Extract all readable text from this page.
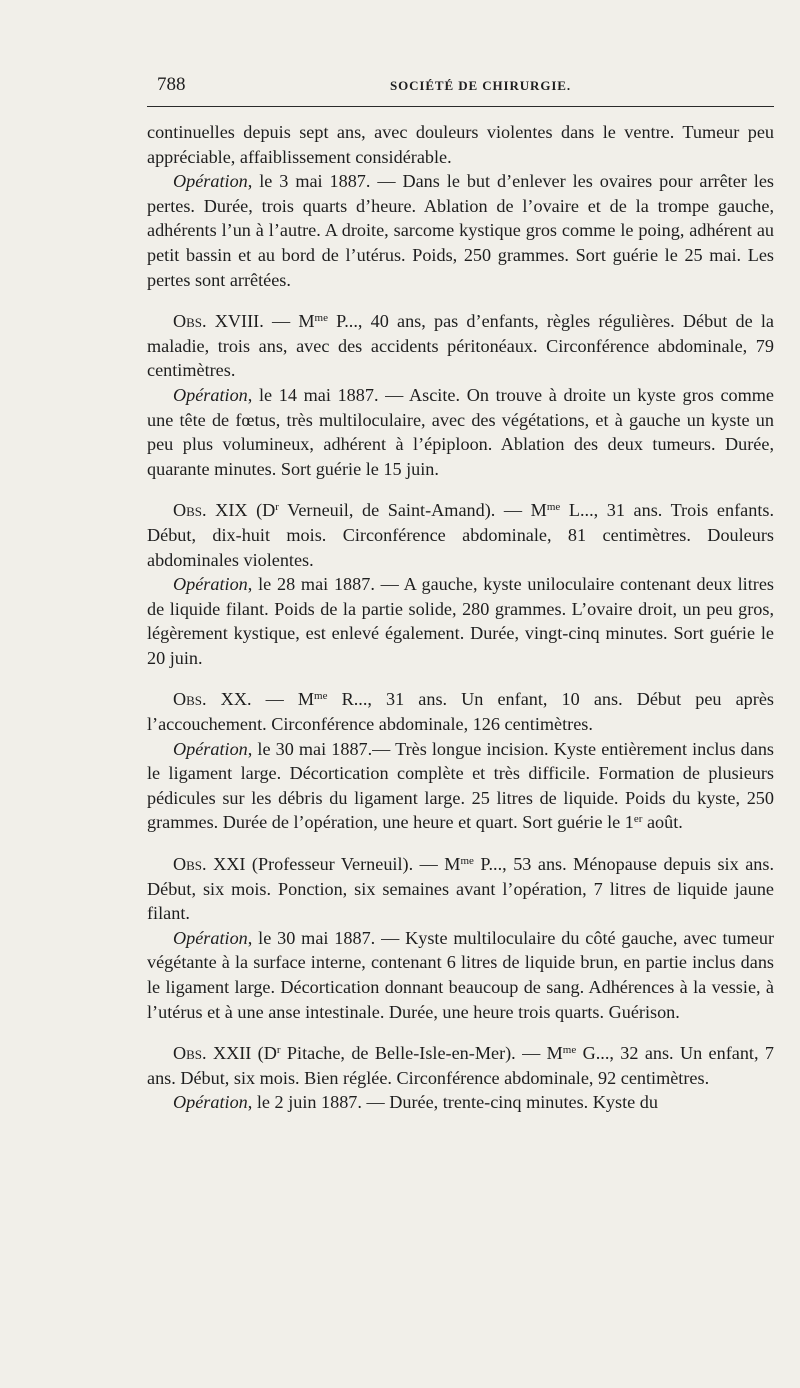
788	SOCIÉTÉ DE CHIRURGIE.

continuelles depuis sept ans, avec douleurs violentes dans le ventre. Tumeur peu appréciable, affaiblissement considérable.

Opération, le 3 mai 1887. — Dans le but d’enlever les ovaires pour arrêter les pertes. Durée, trois quarts d’heure. Ablation de l’ovaire et de la trompe gauche, adhérents l’un à l’autre. A droite, sarcome kystique gros comme le poing, adhérent au petit bassin et au bord de l’utérus. Poids, 250 grammes. Sort guérie le 25 mai. Les pertes sont arrêtées.

Obs. XVIII. — $M^{me}$ P..., 40 ans, pas d’enfants, règles régulières. Début de la maladie, trois ans, avec des accidents péritonéaux. Circonférence abdominale, 79 centimètres.

Opération, le 14 mai 1887. — Ascite. On trouve à droite un kyste gros comme une tête de fœtus, très multiloculaire, avec des végétations, et à gauche un kyste un peu plus volumineux, adhérent à l’épiploon. Ablation des deux tumeurs. Durée, quarante minutes. Sort guérie le 15 juin.

Obs. XIX ($D^r$ Verneuil, de Saint-Amand). — $M^{me}$ L..., 31 ans. Trois enfants. Début, dix-huit mois. Circonférence abdominale, 81 centimètres. Douleurs abdominales violentes.

Opération, le 28 mai 1887. — A gauche, kyste uniloculaire contenant deux litres de liquide filant. Poids de la partie solide, 280 grammes. L’ovaire droit, un peu gros, légèrement kystique, est enlevé également. Durée, vingt-cinq minutes. Sort guérie le 20 juin.

Obs. XX. — $M^{me}$ R..., 31 ans. Un enfant, 10 ans. Début peu après l’accouchement. Circonférence abdominale, 126 centimètres.

Opération, le 30 mai 1887.— Très longue incision. Kyste entièrement inclus dans le ligament large. Décortication complète et très difficile. Formation de plusieurs pédicules sur les débris du ligament large. 25 litres de liquide. Poids du kyste, 250 grammes. Durée de l’opération, une heure et quart. Sort guérie le 1er août.

Obs. XXI (Professeur Verneuil). — $M^{me}$ P..., 53 ans. Ménopause depuis six ans. Début, six mois. Ponction, six semaines avant l’opération, 7 litres de liquide jaune filant.

Opération, le 30 mai 1887. — Kyste multiloculaire du côté gauche, avec tumeur végétante à la surface interne, contenant 6 litres de liquide brun, en partie inclus dans le ligament large. Décortication donnant beaucoup de sang. Adhérences à la vessie, à l’utérus et à une anse intestinale. Durée, une heure trois quarts. Guérison.

Obs. XXII ($D^r$ Pitache, de Belle-Isle-en-Mer). — $M^{me}$ G..., 32 ans. Un enfant, 7 ans. Début, six mois. Bien réglée. Circonférence abdominale, 92 centimètres.

Opération, le 2 juin 1887. — Durée, trente-cinq minutes. Kyste du
